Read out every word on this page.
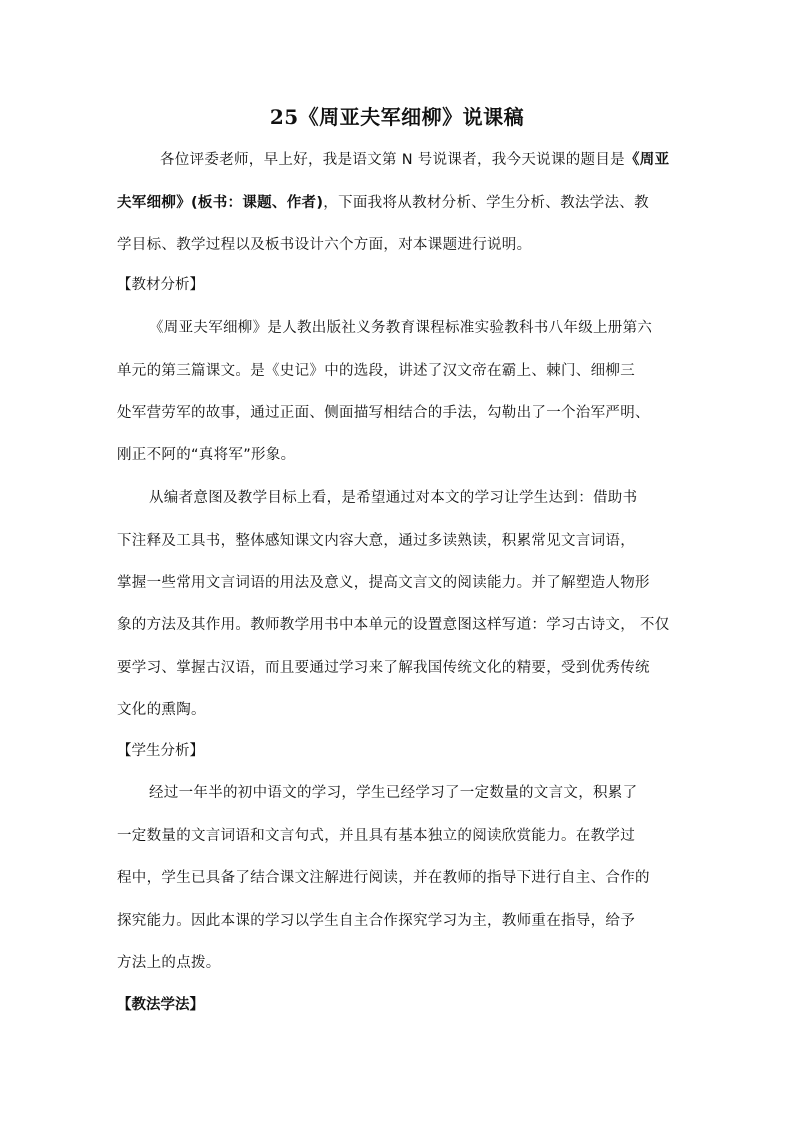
25《周亚夫军细柳》说课稿
各位评委老师，早上好，我是语文第 N 号说课者，我今天说课的题目是《周亚
夫军细柳》(板书：课题、作者)，下面我将从教材分析、学生分析、教法学法、教
学目标、教学过程以及板书设计六个方面，对本课题进行说明。
【教材分析】
《周亚夫军细柳》是人教出版社义务教育课程标准实验教科书八年级上册第六
单元的第三篇课文。是《史记》中的选段，讲述了汉文帝在霸上、棘门、细柳三
处军营劳军的故事，通过正面、侧面描写相结合的手法，勾勒出了一个治军严明、
刚正不阿的“真将军”形象。
从编者意图及教学目标上看，是希望通过对本文的学习让学生达到：借助书
下注释及工具书，整体感知课文内容大意，通过多读熟读，积累常见文言词语，
掌握一些常用文言词语的用法及意义，提高文言文的阅读能力。并了解塑造人物形
象的方法及其作用。教师教学用书中本单元的设置意图这样写道：学习古诗文， 不仅
要学习、掌握古汉语，而且要通过学习来了解我国传统文化的精要，受到优秀传统
文化的熏陶。
【学生分析】
经过一年半的初中语文的学习，学生已经学习了一定数量的文言文，积累了
一定数量的文言词语和文言句式，并且具有基本独立的阅读欣赏能力。在教学过
程中，学生已具备了结合课文注解进行阅读，并在教师的指导下进行自主、合作的
探究能力。因此本课的学习以学生自主合作探究学习为主，教师重在指导，给予
方法上的点拨。
【教法学法】
